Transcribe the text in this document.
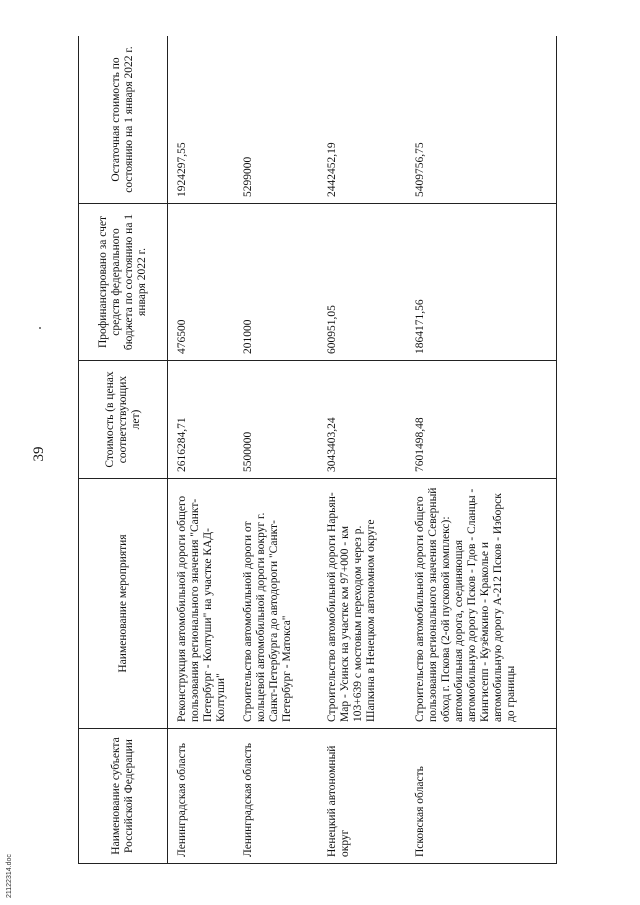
39
21122314.doc
Наименование субъекта Российской Федерации	Наименование мероприятия	Стоимость (в ценах соответствующих лет)	Профинансировано за счет средств федерального бюджета по состоянию на 1 января 2022 г.	Остаточная стоимость по состоянию на 1 января 2022 г.
Ленинградская область	Реконструкция автомобильной дороги общего пользования регионального значения "Санкт-Петербург - Колтуши" на участке КАД-Колтуши"	2616284,71	476500	1924297,55
Ленинградская область	Строительство автомобильной дороги от кольцевой автомобильной дороги вокруг г. Санкт-Петербурга до автодороги "Санкт-Петербург - Матокса"	5500000	201000	5299000
Ненецкий автономный округ	Строительство автомобильной дороги Нарьян-Мар - Усинск на участке км 97+000 - км 103+639 с мостовым переходом через р. Шапкина в Ненецком автономном округе	3043403,24	600951,05	2442452,19
Псковская область	Строительство автомобильной дороги общего пользования регионального значения Северный обход г. Пскова (2-ой пусковой комплекс): автомобильная дорога, соединяющая автомобильную дорогу Псков - Гдов - Сланцы - Кингисепп - Кузёмкино - Краколье и автомобильную дорогу А-212 Псков - Изборск до границы	7601498,48	1864171,56	5409756,75
